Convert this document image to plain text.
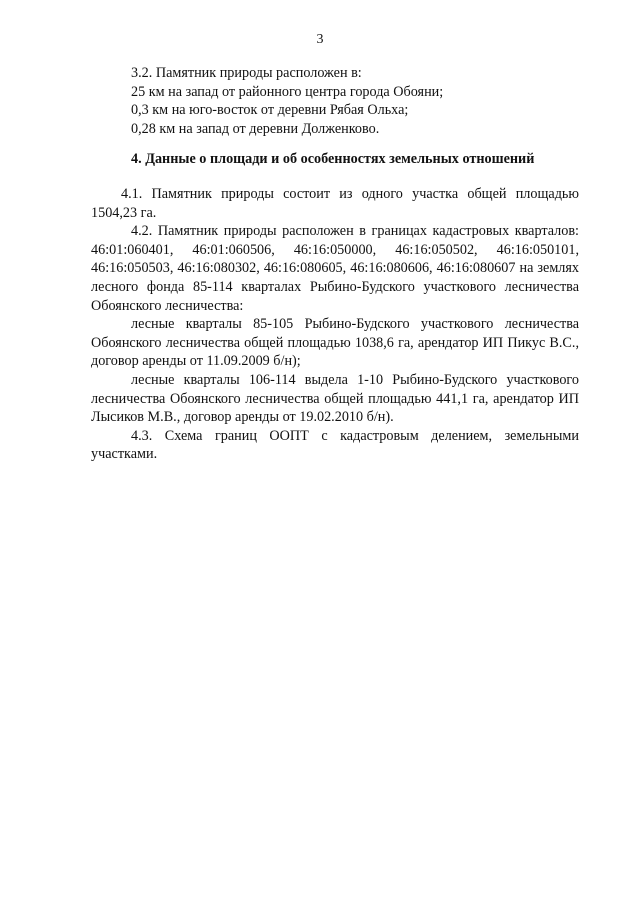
3
3.2. Памятник природы расположен в:
25 км на запад от районного центра города Обояни;
0,3 км на юго-восток от деревни Рябая Ольха;
0,28 км на запад от деревни Долженково.
4. Данные о площади и об особенностях земельных отношений

4.1. Памятник природы состоит из одного участка общей площадью 1504,23 га.

4.2. Памятник природы расположен в границах кадастровых кварталов: 46:01:060401, 46:01:060506, 46:16:050000, 46:16:050502, 46:16:050101, 46:16:050503, 46:16:080302, 46:16:080605, 46:16:080606, 46:16:080607 на землях лесного фонда 85-114 кварталах Рыбино-Будского участкового лесничества Обоянского лесничества:

лесные кварталы 85-105 Рыбино-Будского участкового лесничества Обоянского лесничества общей площадью 1038,6 га, арендатор ИП Пикус В.С., договор аренды от 11.09.2009 б/н);

лесные кварталы 106-114 выдела 1-10 Рыбино-Будского участкового лесничества Обоянского лесничества общей площадью 441,1 га, арендатор ИП Лысиков М.В., договор аренды от 19.02.2010 б/н).

4.3. Схема границ ООПТ с кадастровым делением, земельными участками.
